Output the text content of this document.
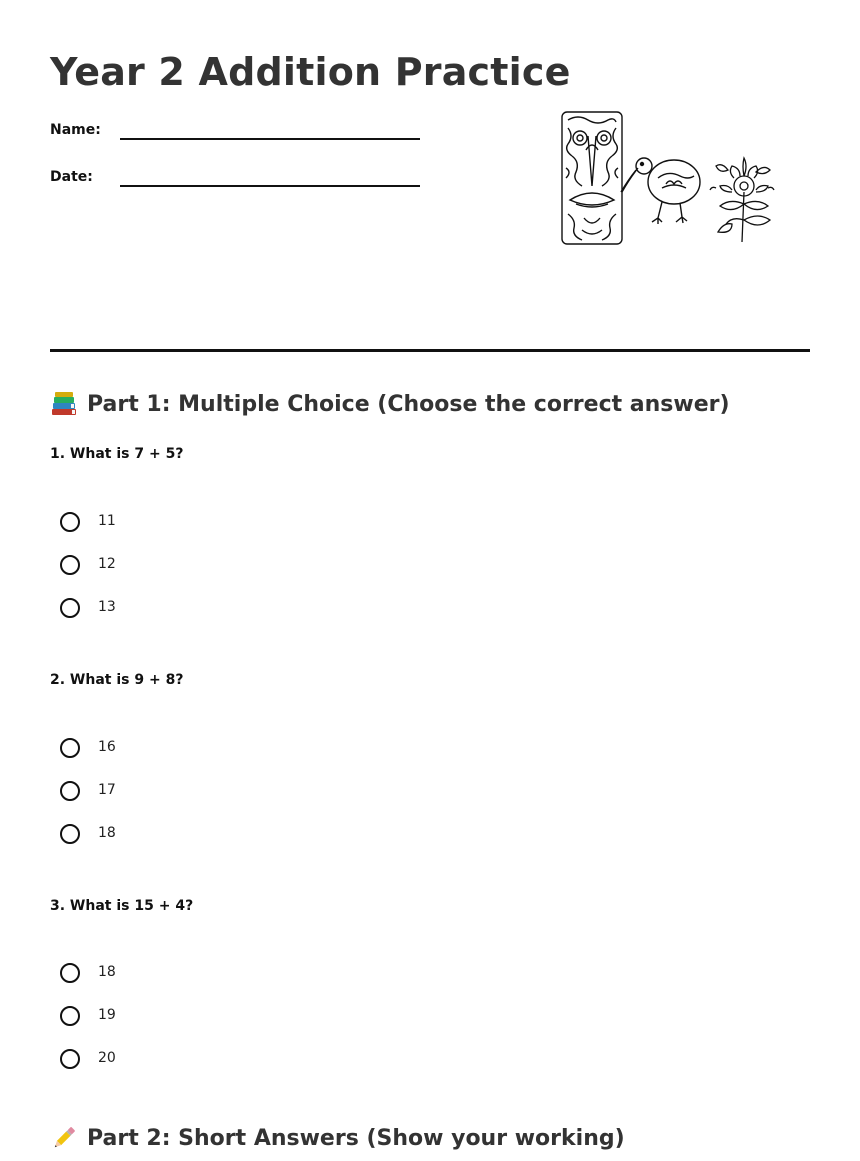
Year 2 Addition Practice
Name:
Date:
Part 1: Multiple Choice (Choose the correct answer)
1. What is 7 + 5?
11
12
13
2. What is 9 + 8?
16
17
18
3. What is 15 + 4?
18
19
20
Part 2: Short Answers (Show your working)
